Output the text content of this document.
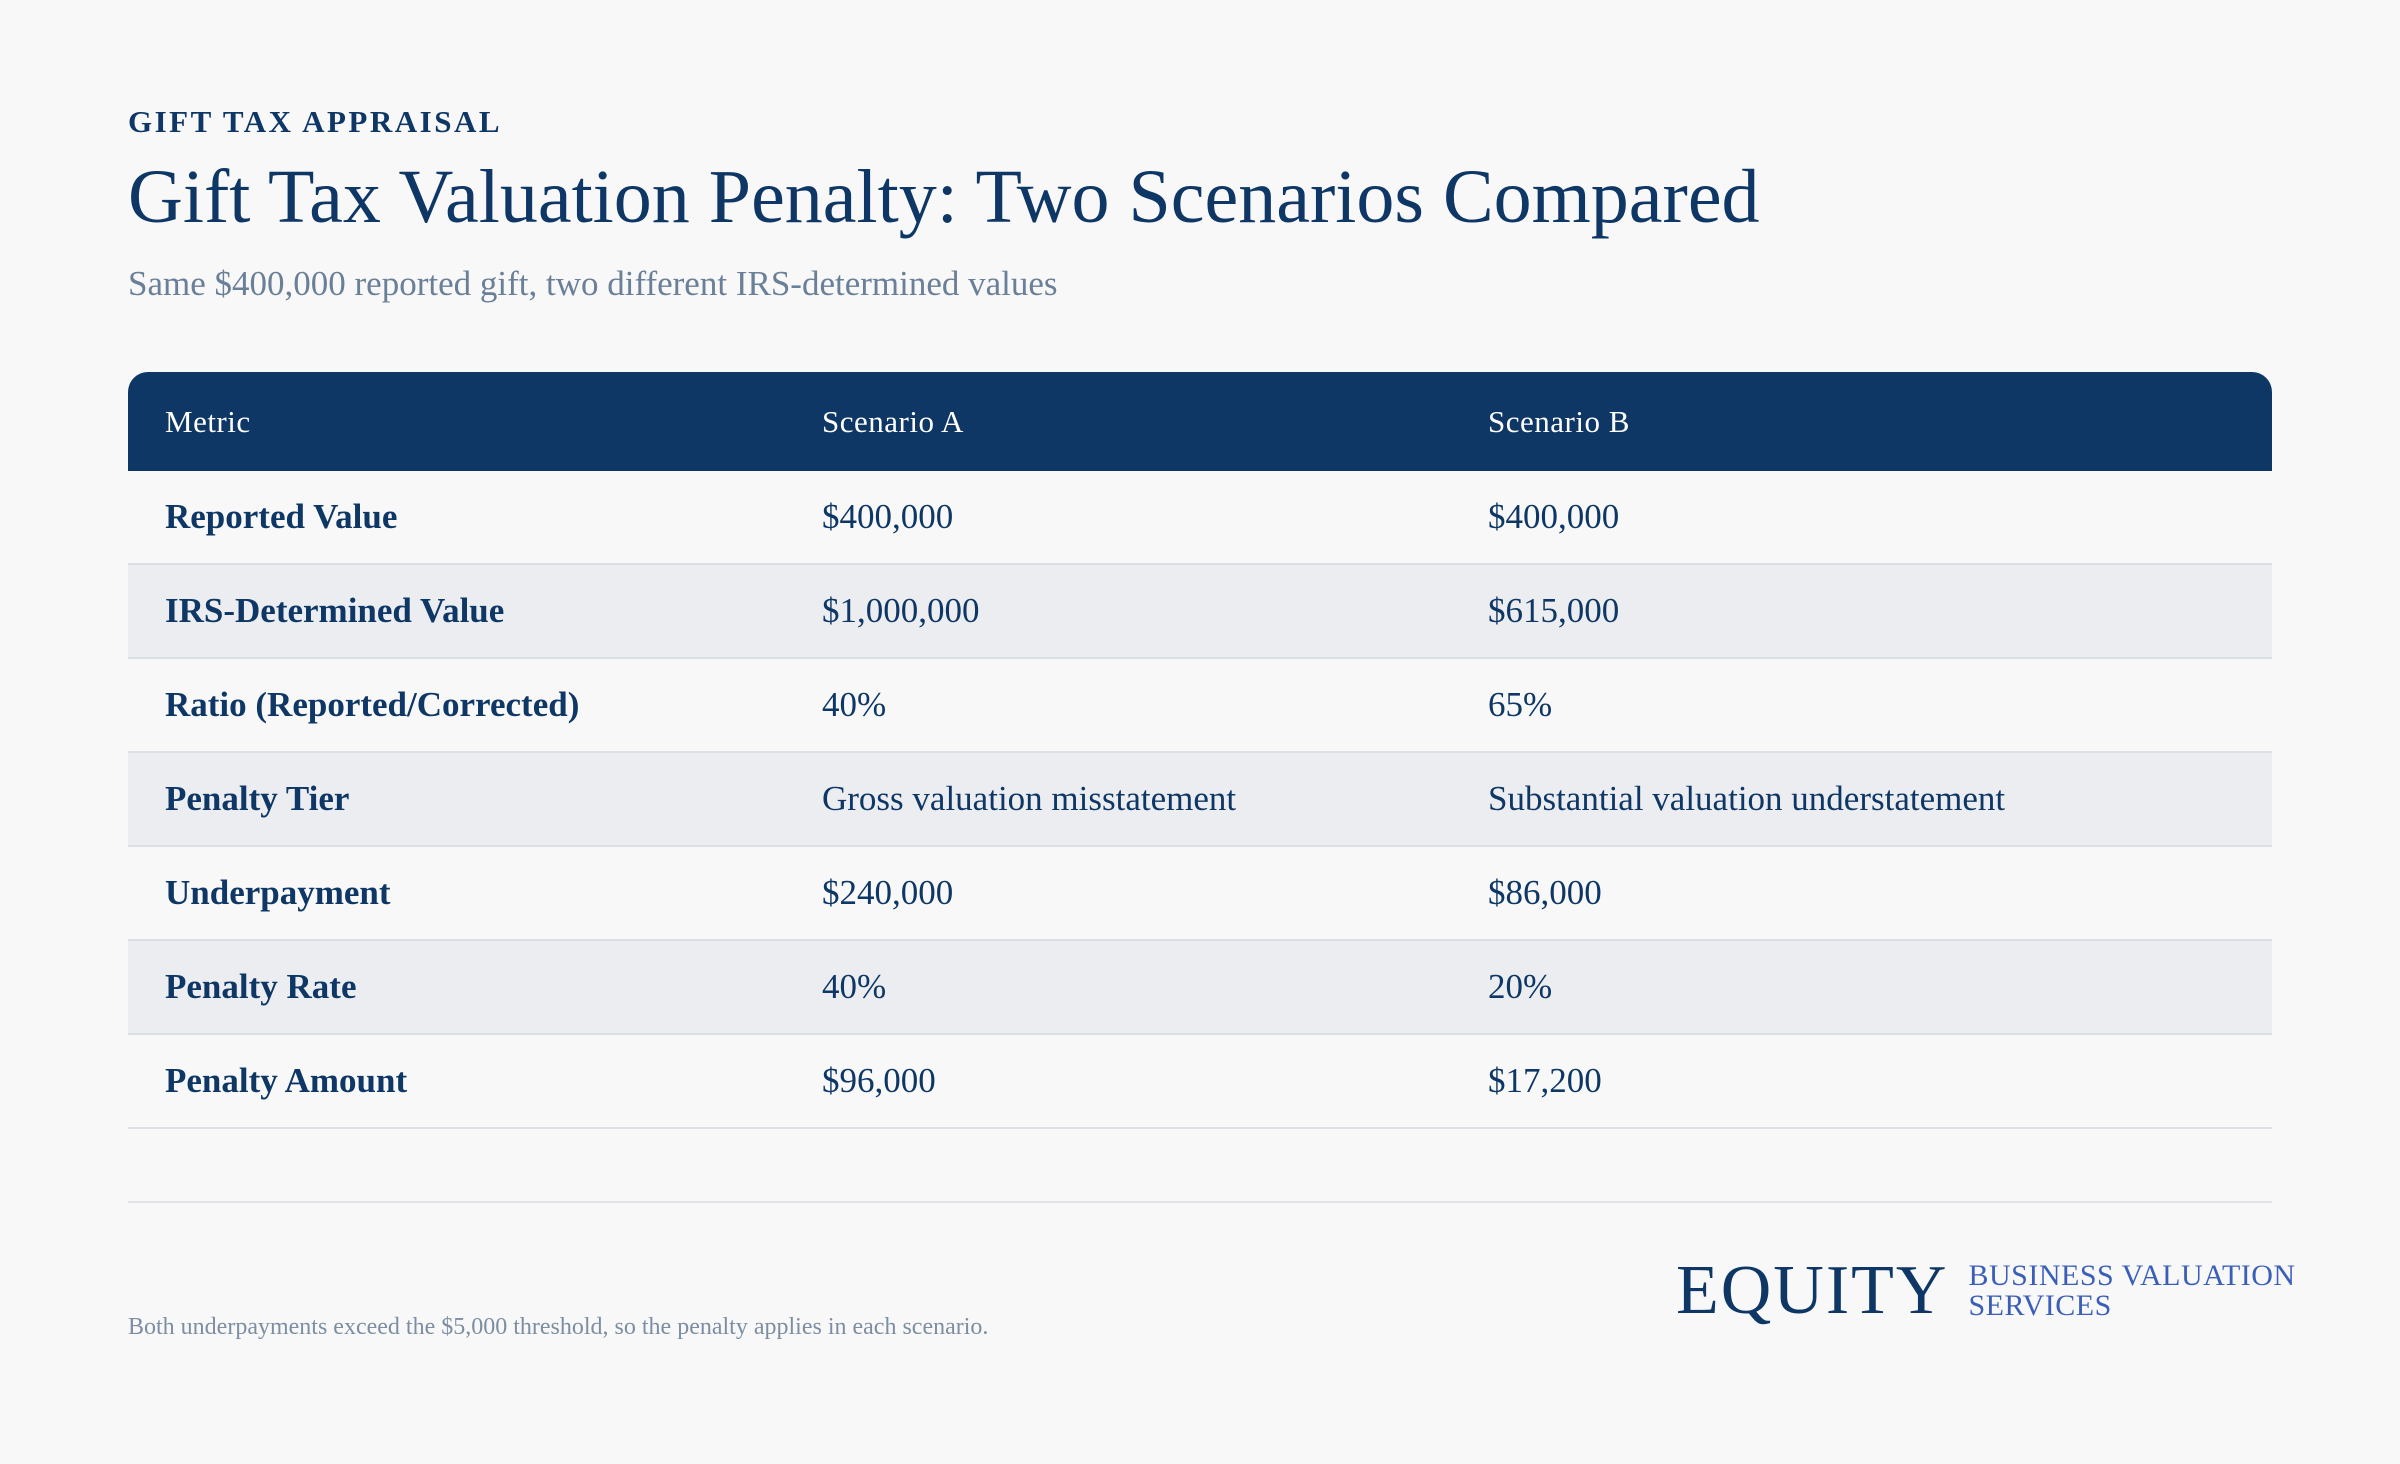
GIFT TAX APPRAISAL
Gift Tax Valuation Penalty: Two Scenarios Compared
Same $400,000 reported gift, two different IRS-determined values
Metric	Scenario A	Scenario B
Reported Value	$400,000	$400,000
IRS-Determined Value	$1,000,000	$615,000
Ratio (Reported/Corrected)	40%	65%
Penalty Tier	Gross valuation misstatement	Substantial valuation understatement
Underpayment	$240,000	$86,000
Penalty Rate	40%	20%
Penalty Amount	$96,000	$17,200
Both underpayments exceed the $5,000 threshold, so the penalty applies in each scenario.	EQUITY BUSINESS VALUATION
SERVICES
